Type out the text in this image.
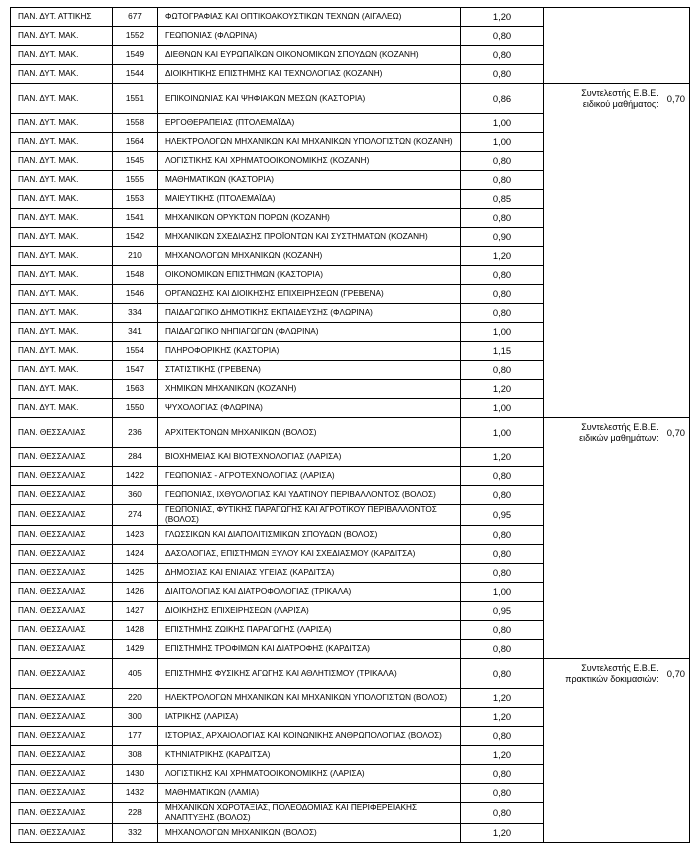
ΠΑΝ. ΔΥΤ. ΑΤΤΙΚΗΣ	677	ΦΩΤΟΓΡΑΦΙΑΣ ΚΑΙ ΟΠΤΙΚΟΑΚΟΥΣΤΙΚΩΝ ΤΕΧΝΩΝ (ΑΙΓΑΛΕΩ)	1,20	
ΠΑΝ. ΔΥΤ. ΜΑΚ.	1552	ΓΕΩΠΟΝΙΑΣ (ΦΛΩΡΙΝΑ)	0,80	
ΠΑΝ. ΔΥΤ. ΜΑΚ.	1549	ΔΙΕΘΝΩΝ ΚΑΙ ΕΥΡΩΠΑΪΚΩΝ ΟΙΚΟΝΟΜΙΚΩΝ ΣΠΟΥΔΩΝ (ΚΟΖΑΝΗ)	0,80	
ΠΑΝ. ΔΥΤ. ΜΑΚ.	1544	ΔΙΟΙΚΗΤΙΚΗΣ ΕΠΙΣΤΗΜΗΣ ΚΑΙ ΤΕΧΝΟΛΟΓΙΑΣ (ΚΟΖΑΝΗ)	0,80	
ΠΑΝ. ΔΥΤ. ΜΑΚ.	1551	ΕΠΙΚΟΙΝΩΝΙΑΣ ΚΑΙ ΨΗΦΙΑΚΩΝ ΜΕΣΩΝ (ΚΑΣΤΟΡΙΑ)	0,86	Συντελεστής Ε.Β.Ε.
ειδικού μαθήματος: 0,70

ΠΑΝ. ΔΥΤ. ΜΑΚ.	1558	ΕΡΓΟΘΕΡΑΠΕΙΑΣ (ΠΤΟΛΕΜΑΪΔΑ)	1,00	
ΠΑΝ. ΔΥΤ. ΜΑΚ.	1564	ΗΛΕΚΤΡΟΛΟΓΩΝ ΜΗΧΑΝΙΚΩΝ ΚΑΙ ΜΗΧΑΝΙΚΩΝ ΥΠΟΛΟΓΙΣΤΩΝ (ΚΟΖΑΝΗ)	1,00	
ΠΑΝ. ΔΥΤ. ΜΑΚ.	1545	ΛΟΓΙΣΤΙΚΗΣ ΚΑΙ ΧΡΗΜΑΤΟΟΙΚΟΝΟΜΙΚΗΣ (ΚΟΖΑΝΗ)	0,80	
ΠΑΝ. ΔΥΤ. ΜΑΚ.	1555	ΜΑΘΗΜΑΤΙΚΩΝ (ΚΑΣΤΟΡΙΑ)	0,80	
ΠΑΝ. ΔΥΤ. ΜΑΚ.	1553	ΜΑΙΕΥΤΙΚΗΣ (ΠΤΟΛΕΜΑΪΔΑ)	0,85	
ΠΑΝ. ΔΥΤ. ΜΑΚ.	1541	ΜΗΧΑΝΙΚΩΝ ΟΡΥΚΤΩΝ ΠΟΡΩΝ (ΚΟΖΑΝΗ)	0,80	
ΠΑΝ. ΔΥΤ. ΜΑΚ.	1542	ΜΗΧΑΝΙΚΩΝ ΣΧΕΔΙΑΣΗΣ ΠΡΟΪΟΝΤΩΝ ΚΑΙ ΣΥΣΤΗΜΑΤΩΝ (ΚΟΖΑΝΗ)	0,90	
ΠΑΝ. ΔΥΤ. ΜΑΚ.	210	ΜΗΧΑΝΟΛΟΓΩΝ ΜΗΧΑΝΙΚΩΝ (ΚΟΖΑΝΗ)	1,20	
ΠΑΝ. ΔΥΤ. ΜΑΚ.	1548	ΟΙΚΟΝΟΜΙΚΩΝ ΕΠΙΣΤΗΜΩΝ (ΚΑΣΤΟΡΙΑ)	0,80	
ΠΑΝ. ΔΥΤ. ΜΑΚ.	1546	ΟΡΓΑΝΩΣΗΣ ΚΑΙ ΔΙΟΙΚΗΣΗΣ ΕΠΙΧΕΙΡΗΣΕΩΝ (ΓΡΕΒΕΝΑ)	0,80	
ΠΑΝ. ΔΥΤ. ΜΑΚ.	334	ΠΑΙΔΑΓΩΓΙΚΟ ΔΗΜΟΤΙΚΗΣ ΕΚΠΑΙΔΕΥΣΗΣ (ΦΛΩΡΙΝΑ)	0,80	
ΠΑΝ. ΔΥΤ. ΜΑΚ.	341	ΠΑΙΔΑΓΩΓΙΚΟ ΝΗΠΙΑΓΩΓΩΝ (ΦΛΩΡΙΝΑ)	1,00	
ΠΑΝ. ΔΥΤ. ΜΑΚ.	1554	ΠΛΗΡΟΦΟΡΙΚΗΣ (ΚΑΣΤΟΡΙΑ)	1,15	
ΠΑΝ. ΔΥΤ. ΜΑΚ.	1547	ΣΤΑΤΙΣΤΙΚΗΣ (ΓΡΕΒΕΝΑ)	0,80	
ΠΑΝ. ΔΥΤ. ΜΑΚ.	1563	ΧΗΜΙΚΩΝ ΜΗΧΑΝΙΚΩΝ (ΚΟΖΑΝΗ)	1,20	
ΠΑΝ. ΔΥΤ. ΜΑΚ.	1550	ΨΥΧΟΛΟΓΙΑΣ (ΦΛΩΡΙΝΑ)	1,00	
ΠΑΝ. ΘΕΣΣΑΛΙΑΣ	236	ΑΡΧΙΤΕΚΤΟΝΩΝ ΜΗΧΑΝΙΚΩΝ (ΒΟΛΟΣ)	1,00	Συντελεστής Ε.Β.Ε.
ειδικών μαθημάτων: 0,70

ΠΑΝ. ΘΕΣΣΑΛΙΑΣ	284	ΒΙΟΧΗΜΕΙΑΣ ΚΑΙ ΒΙΟΤΕΧΝΟΛΟΓΙΑΣ (ΛΑΡΙΣΑ)	1,20	
ΠΑΝ. ΘΕΣΣΑΛΙΑΣ	1422	ΓΕΩΠΟΝΙΑΣ - ΑΓΡΟΤΕΧΝΟΛΟΓΙΑΣ (ΛΑΡΙΣΑ)	0,80	
ΠΑΝ. ΘΕΣΣΑΛΙΑΣ	360	ΓΕΩΠΟΝΙΑΣ, ΙΧΘΥΟΛΟΓΙΑΣ ΚΑΙ ΥΔΑΤΙΝΟΥ ΠΕΡΙΒΑΛΛΟΝΤΟΣ (ΒΟΛΟΣ)	0,80	
ΠΑΝ. ΘΕΣΣΑΛΙΑΣ	274	ΓΕΩΠΟΝΙΑΣ, ΦΥΤΙΚΗΣ ΠΑΡΑΓΩΓΗΣ ΚΑΙ ΑΓΡΟΤΙΚΟΥ ΠΕΡΙΒΑΛΛΟΝΤΟΣ (ΒΟΛΟΣ)	0,95	
ΠΑΝ. ΘΕΣΣΑΛΙΑΣ	1423	ΓΛΩΣΣΙΚΩΝ ΚΑΙ ΔΙΑΠΟΛΙΤΙΣΜΙΚΩΝ ΣΠΟΥΔΩΝ (ΒΟΛΟΣ)	0,80	
ΠΑΝ. ΘΕΣΣΑΛΙΑΣ	1424	ΔΑΣΟΛΟΓΙΑΣ, ΕΠΙΣΤΗΜΩΝ ΞΥΛΟΥ ΚΑΙ ΣΧΕΔΙΑΣΜΟΥ (ΚΑΡΔΙΤΣΑ)	0,80	
ΠΑΝ. ΘΕΣΣΑΛΙΑΣ	1425	ΔΗΜΟΣΙΑΣ ΚΑΙ ΕΝΙΑΙΑΣ ΥΓΕΙΑΣ (ΚΑΡΔΙΤΣΑ)	0,80	
ΠΑΝ. ΘΕΣΣΑΛΙΑΣ	1426	ΔΙΑΙΤΟΛΟΓΙΑΣ ΚΑΙ ΔΙΑΤΡΟΦΟΛΟΓΙΑΣ (ΤΡΙΚΑΛΑ)	1,00	
ΠΑΝ. ΘΕΣΣΑΛΙΑΣ	1427	ΔΙΟΙΚΗΣΗΣ ΕΠΙΧΕΙΡΗΣΕΩΝ (ΛΑΡΙΣΑ)	0,95	
ΠΑΝ. ΘΕΣΣΑΛΙΑΣ	1428	ΕΠΙΣΤΗΜΗΣ ΖΩΙΚΗΣ ΠΑΡΑΓΩΓΗΣ (ΛΑΡΙΣΑ)	0,80	
ΠΑΝ. ΘΕΣΣΑΛΙΑΣ	1429	ΕΠΙΣΤΗΜΗΣ ΤΡΟΦΙΜΩΝ ΚΑΙ ΔΙΑΤΡΟΦΗΣ (ΚΑΡΔΙΤΣΑ)	0,80	
ΠΑΝ. ΘΕΣΣΑΛΙΑΣ	405	ΕΠΙΣΤΗΜΗΣ ΦΥΣΙΚΗΣ ΑΓΩΓΗΣ ΚΑΙ ΑΘΛΗΤΙΣΜΟΥ (ΤΡΙΚΑΛΑ)	0,80	Συντελεστής Ε.Β.Ε.
πρακτικών δοκιμασιών: 0,70

ΠΑΝ. ΘΕΣΣΑΛΙΑΣ	220	ΗΛΕΚΤΡΟΛΟΓΩΝ ΜΗΧΑΝΙΚΩΝ ΚΑΙ ΜΗΧΑΝΙΚΩΝ ΥΠΟΛΟΓΙΣΤΩΝ (ΒΟΛΟΣ)	1,20	
ΠΑΝ. ΘΕΣΣΑΛΙΑΣ	300	ΙΑΤΡΙΚΗΣ (ΛΑΡΙΣΑ)	1,20	
ΠΑΝ. ΘΕΣΣΑΛΙΑΣ	177	ΙΣΤΟΡΙΑΣ, ΑΡΧΑΙΟΛΟΓΙΑΣ ΚΑΙ ΚΟΙΝΩΝΙΚΗΣ ΑΝΘΡΩΠΟΛΟΓΙΑΣ (ΒΟΛΟΣ)	0,80	
ΠΑΝ. ΘΕΣΣΑΛΙΑΣ	308	ΚΤΗΝΙΑΤΡΙΚΗΣ (ΚΑΡΔΙΤΣΑ)	1,20	
ΠΑΝ. ΘΕΣΣΑΛΙΑΣ	1430	ΛΟΓΙΣΤΙΚΗΣ ΚΑΙ ΧΡΗΜΑΤΟΟΙΚΟΝΟΜΙΚΗΣ (ΛΑΡΙΣΑ)	0,80	
ΠΑΝ. ΘΕΣΣΑΛΙΑΣ	1432	ΜΑΘΗΜΑΤΙΚΩΝ (ΛΑΜΙΑ)	0,80	
ΠΑΝ. ΘΕΣΣΑΛΙΑΣ	228	ΜΗΧΑΝΙΚΩΝ ΧΩΡΟΤΑΞΙΑΣ, ΠΟΛΕΟΔΟΜΙΑΣ ΚΑΙ ΠΕΡΙΦΕΡΕΙΑΚΗΣ ΑΝΑΠΤΥΞΗΣ (ΒΟΛΟΣ)	0,80	
ΠΑΝ. ΘΕΣΣΑΛΙΑΣ	332	ΜΗΧΑΝΟΛΟΓΩΝ ΜΗΧΑΝΙΚΩΝ (ΒΟΛΟΣ)	1,20	
